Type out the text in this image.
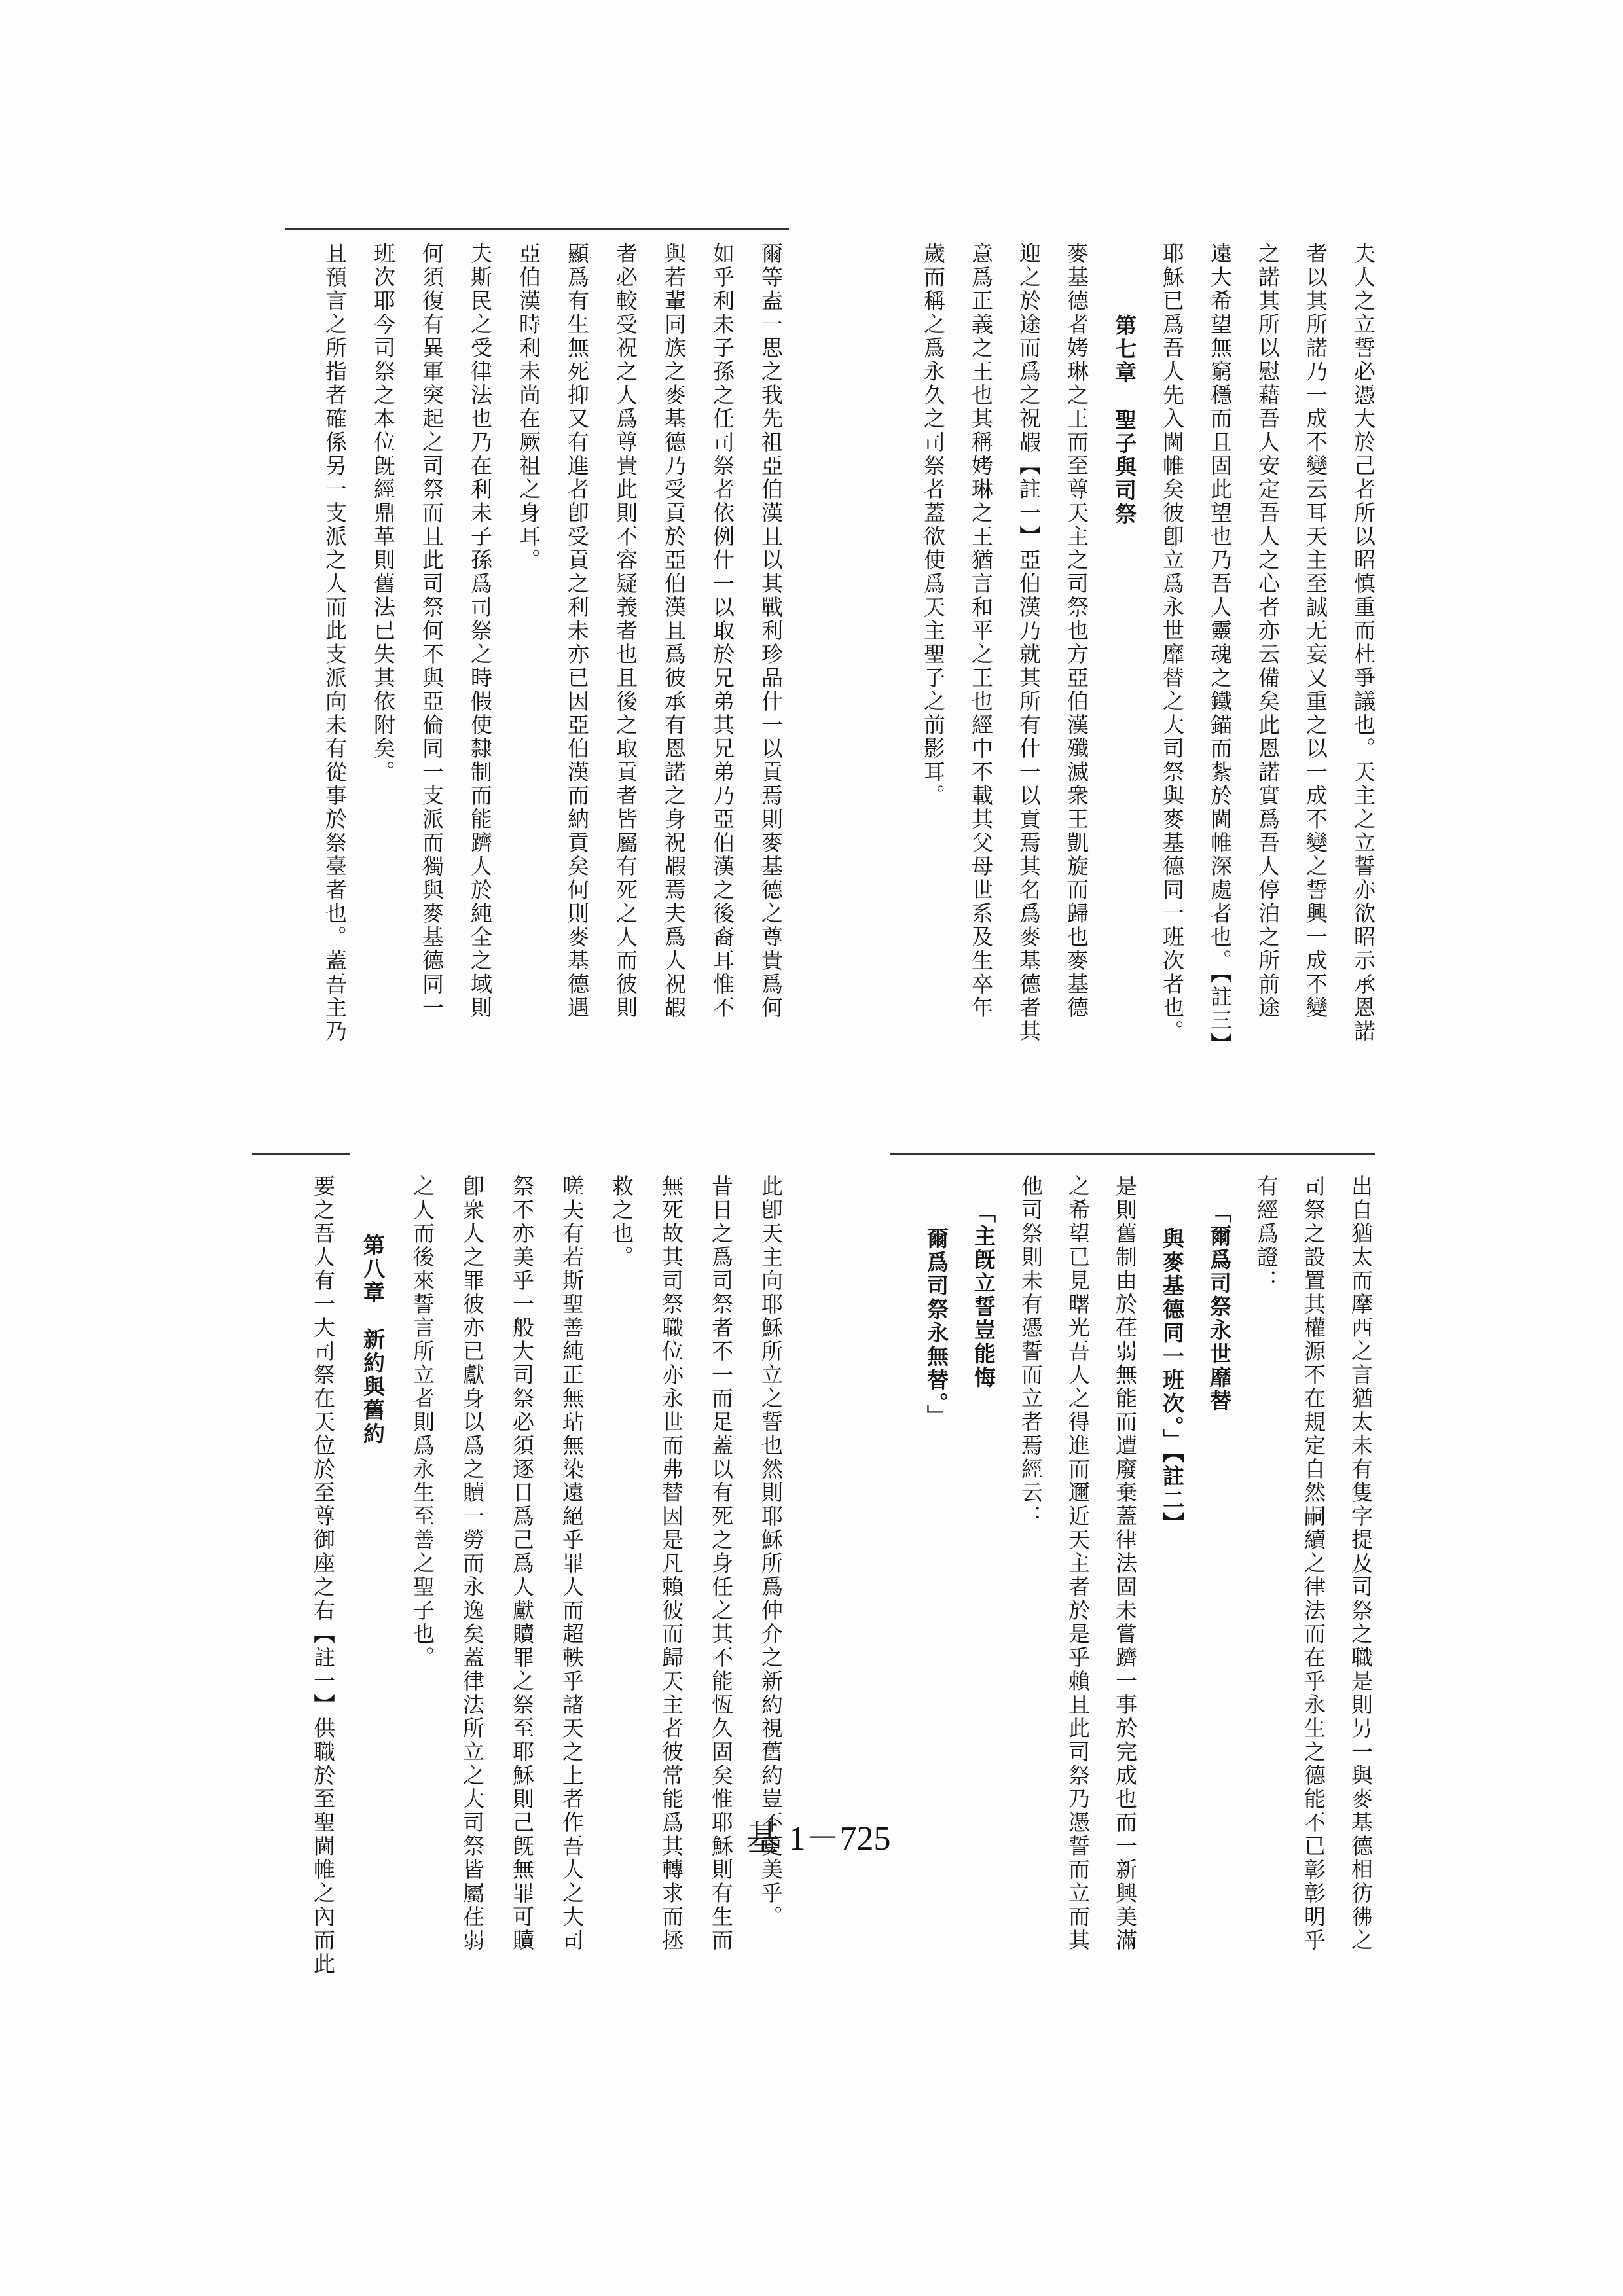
夫人之立誓必憑大於己者所以昭慎重而杜爭議也。天主之立誓亦欲昭示承恩諾
者以其所諾乃一成不變云耳天主至誠无妄又重之以一成不變之誓興一成不變
之諾其所以慰藉吾人安定吾人之心者亦云備矣此恩諾實爲吾人停泊之所前途
遠大希望無窮穩而且固此望也乃吾人靈魂之鐵錨而紮於閫帷深處者也。【註三】
耶穌已爲吾人先入閫帷矣彼卽立爲永世靡替之大司祭與麥基德同一班次者也。
第七章　聖子與司祭
麥基德者㛈琳之王而至尊天主之司祭也方亞伯漢殲滅衆王凱旋而歸也麥基德
迎之於途而爲之祝嘏【註一】亞伯漢乃就其所有什一以貢焉其名爲麥基德者其
意爲正義之王也其稱㛈琳之王猶言和平之王也經中不載其父母世系及生卒年
歲而稱之爲永久之司祭者蓋欲使爲天主聖子之前影耳。
爾等盍一思之我先祖亞伯漢且以其戰利珍品什一以貢焉則麥基德之尊貴爲何
如乎利未子孫之任司祭者依例什一以取於兄弟其兄弟乃亞伯漢之後裔耳惟不
與若輩同族之麥基德乃受貢於亞伯漢且爲彼承有恩諾之身祝嘏焉夫爲人祝嘏
者必較受祝之人爲尊貴此則不容疑義者也且後之取貢者皆屬有死之人而彼則
顯爲有生無死抑又有進者卽受貢之利未亦已因亞伯漢而納貢矣何則麥基德遇
亞伯漢時利未尚在厥祖之身耳。
夫斯民之受律法也乃在利未子孫爲司祭之時假使隸制而能躋人於純全之域則
何須復有異軍突起之司祭而且此司祭何不與亞倫同一支派而獨與麥基德同一
班次耶今司祭之本位旣經鼎革則舊法已失其依附矣。
且預言之所指者確係另一支派之人而此支派向未有從事於祭臺者也。蓋吾主乃
出自猶太而摩西之言猶太未有隻字提及司祭之職是則另一與麥基德相彷彿之
司祭之設置其權源不在規定自然嗣續之律法而在乎永生之德能不已彰彰明乎
有經爲證：
「爾爲司祭永世靡替
與麥基德同一班次。」【註二】
是則舊制由於荏弱無能而遭廢棄蓋律法固未嘗躋一事於完成也而一新興美滿
之希望已見曙光吾人之得進而邇近天主者於是乎賴且此司祭乃憑誓而立而其
他司祭則未有憑誓而立者焉經云：
「主旣立誓豈能悔
爾爲司祭永無替。」
此卽天主向耶穌所立之誓也然則耶穌所爲仲介之新約視舊約豈不更美乎。
昔日之爲司祭者不一而足蓋以有死之身任之其不能恆久固矣惟耶穌則有生而
無死故其司祭職位亦永世而弗替因是凡賴彼而歸天主者彼常能爲其轉求而拯
救之也。
嗟夫有若斯聖善純正無玷無染遠絕乎罪人而超軼乎諸天之上者作吾人之大司
祭不亦美乎一般大司祭必須逐日爲己爲人獻贖罪之祭至耶穌則己旣無罪可贖
卽衆人之罪彼亦已獻身以爲之贖一勞而永逸矣蓋律法所立之大司祭皆屬荏弱
之人而後來誓言所立者則爲永生至善之聖子也。
第八章　新約與舊約
要之吾人有一大司祭在天位於至尊御座之右【註一】供職於至聖閫帷之內而此	基 1－725
